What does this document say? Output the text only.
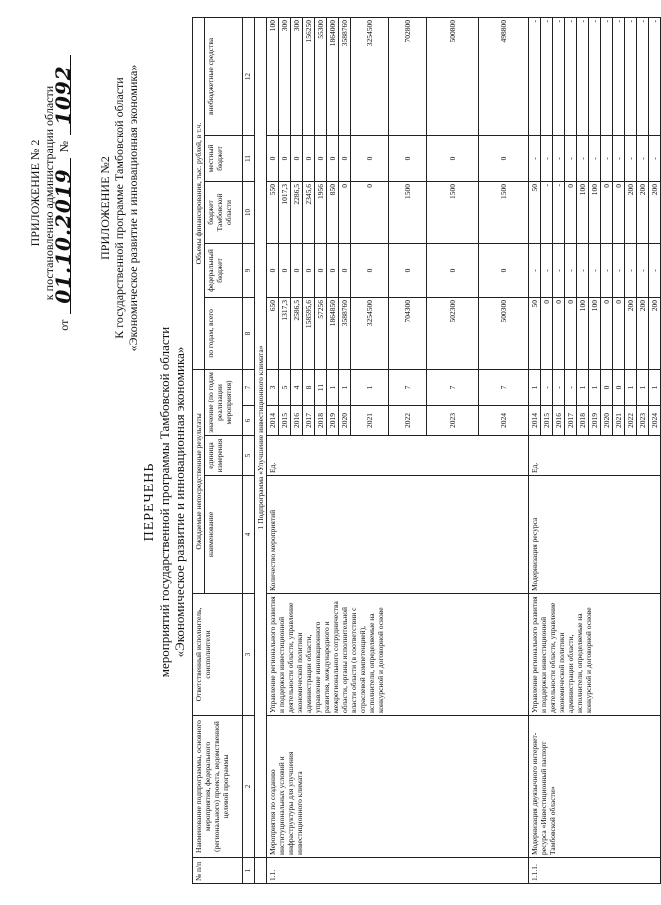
ПРИЛОЖЕНИЕ № 2 к постановлению администрации области
от
01.10.2019
№
1092
ПРИЛОЖЕНИЕ №2 К государственной программе Тамбовской области «Экономическое развитие и инновационная экономика»
ПЕРЕЧЕНЬ мероприятий государственной программы Тамбовской области «Экономическое развитие и инновационная экономика»
№ п/п	Наименование подпрограммы, основного мероприятия, федерального (регионального) проекта, ведомственной целевой программы	Ответственный исполнитель, соисполнители	Ожидаемые непосредственные результаты				Объемы финансирования, тыс. рублей, в т.ч.				
			наименование	единица измерения	значение (по годам реализации мероприятия)		по годам, всего	федеральный бюджет	бюджет Тамбовской области	местный бюджет	внебюджетные средства

1	2	3	4	5	6	7	8	9	10	11	12
	1 Подпрограмма «Улучшение инвестиционного климата»										
1.1.	Мероприятия по созданию институциональных условий и инфраструктуры для улучшения инвестиционного климата	Управление регионального развития и поддержки инвестиционной деятельности области, управление экономической политики администрации области, управление инновационного развития, международного и межрегионального сотрудничества области, органы исполнительной власти области (в соответствии с отраслевой компетенцией), исполнители, определяемые на конкурсной и договорной основе	Количество мероприятий	Ед.	2014	3	650	0	550	0	100
					2015	5	1317,3	0	1017,3	0	300
					2016	4	2586,5	0	2286,5	0	300
					2017	8	158595,6	0	2345,6	0	156250
					2018	11	57256	0	1956	0	55300
					2019	1	1864850	0	850	0	1864000
					2020	1	3588760	0	0	0	3588760
					2021	1	3254500	0	0	0	3254500
					2022	7	704300	0	1500	0	702800
					2023	7	502300	0	1500	0	500800
					2024	7	500300	0	1500	0	498800
1.1.1.	Модернизация двуязычного интернет-ресурса «Инвестиционный паспорт Тамбовской области»	Управление регионального развития и поддержки инвестиционной деятельности области, управление экономической политики администрации области, исполнители, определяемые на конкурсной и договорной основе	Модернизация ресурса	Ед.	2014	1	50	-	50	-	-
					2015	-	0	-	-	-	-
					2016	-	0	-	-	-	-
					2017	-	0	-	0	-	-
					2018	1	100	-	100	-	-
					2019	1	100	-	100	-	-
					2020	0	0	-	0	-	-
					2021	0	0	-	0	-	-
					2022	1	200	-	200	-	-
					2023	1	200	-	200	-	-
					2024	1	200	-	200	-	-
